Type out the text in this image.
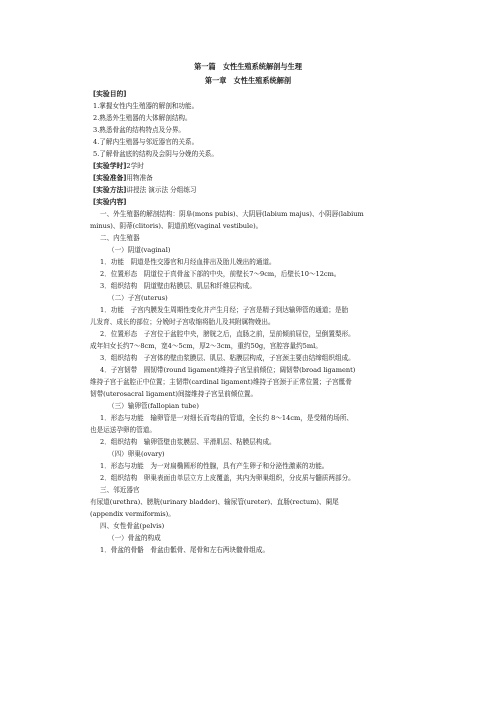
第一篇　女性生殖系统解剖与生理
第一章　女性生殖系统解剖
[实验目的]
1.掌握女性内生殖器的解剖和功能。
2.熟悉外生殖器的大体解剖结构。
3.熟悉骨盆的结构特点及分界。
4.了解内生殖器与邻近器官的关系。
5.了解骨盆底的结构及会阴与分娩的关系。
[实验学时]2学时
[实验准备]用物准备
[实验方法]讲授法 演示法 分组练习
[实验内容]
一、外生殖器的解剖结构：阴阜(mons pubis)、大阴唇(labium majus)、小阴唇(labium
minus)、阴蒂(clitoris)、阴道前庭(vaginal vestibule)。
二、内生殖器
（一）阴道(vaginal)
1．功能　阴道是性交器官和月经血排出及胎儿娩出的通道。
2．位置形态　阴道位于真骨盆下部的中央，前壁长7～9cm，后壁长10～12cm。
3．组织结构　阴道壁由粘膜层、肌层和纤维层构成。
（二）子宫(uterus)
1．功能　子宫内膜发生周期性变化并产生月经；子宫是精子到达输卵管的通道；是胎
儿发育、成长的部位；分娩时子宫收缩将胎儿及其附属物娩出。
2．位置形态　子宫位于盆腔中央，膀胱之后，直肠之前，呈前倾前屈位，呈倒置梨形。
成年妇女长约7～8cm，宽4～5cm，厚2～3cm，重约50g，宫腔容量约5ml。
3．组织结构　子宫体的壁由浆膜层、肌层、粘膜层构成，子宫颈主要由结缔组织组成。
4．子宫韧带　圆韧带(round ligament)维持子宫呈前倾位；阔韧带(broad ligament)
维持子宫于盆腔正中位置；主韧带(cardinal ligament)维持子宫颈于正常位置；子宫骶骨
韧带(uterosacral ligament)间接维持子宫呈前倾位置。
（三）输卵管(fallopian tube)
1．形态与功能　输卵管是一对细长而弯曲的管道，全长约 8～14cm，是受精的场所、
也是运送孕卵的管道。
2．组织结构　输卵管壁由浆膜层、平滑肌层、粘膜层构成。
（四）卵巢(ovary)
1．形态与功能　为一对扁椭圆形的性腺，具有产生卵子和分泌性激素的功能。
2．组织结构　卵巢表面由单层立方上皮覆盖，其内为卵巢组织，分皮质与髓质两部分。
三、邻近器官
有尿道(urethra)、膀胱(urinary bladder)、输尿管(ureter)、直肠(rectum)、阑尾
(appendix vermiformis)。
四、女性骨盆(pelvis)
（一）骨盆的构成
1．骨盆的骨骼　骨盆由骶骨、尾骨和左右两块髋骨组成。
